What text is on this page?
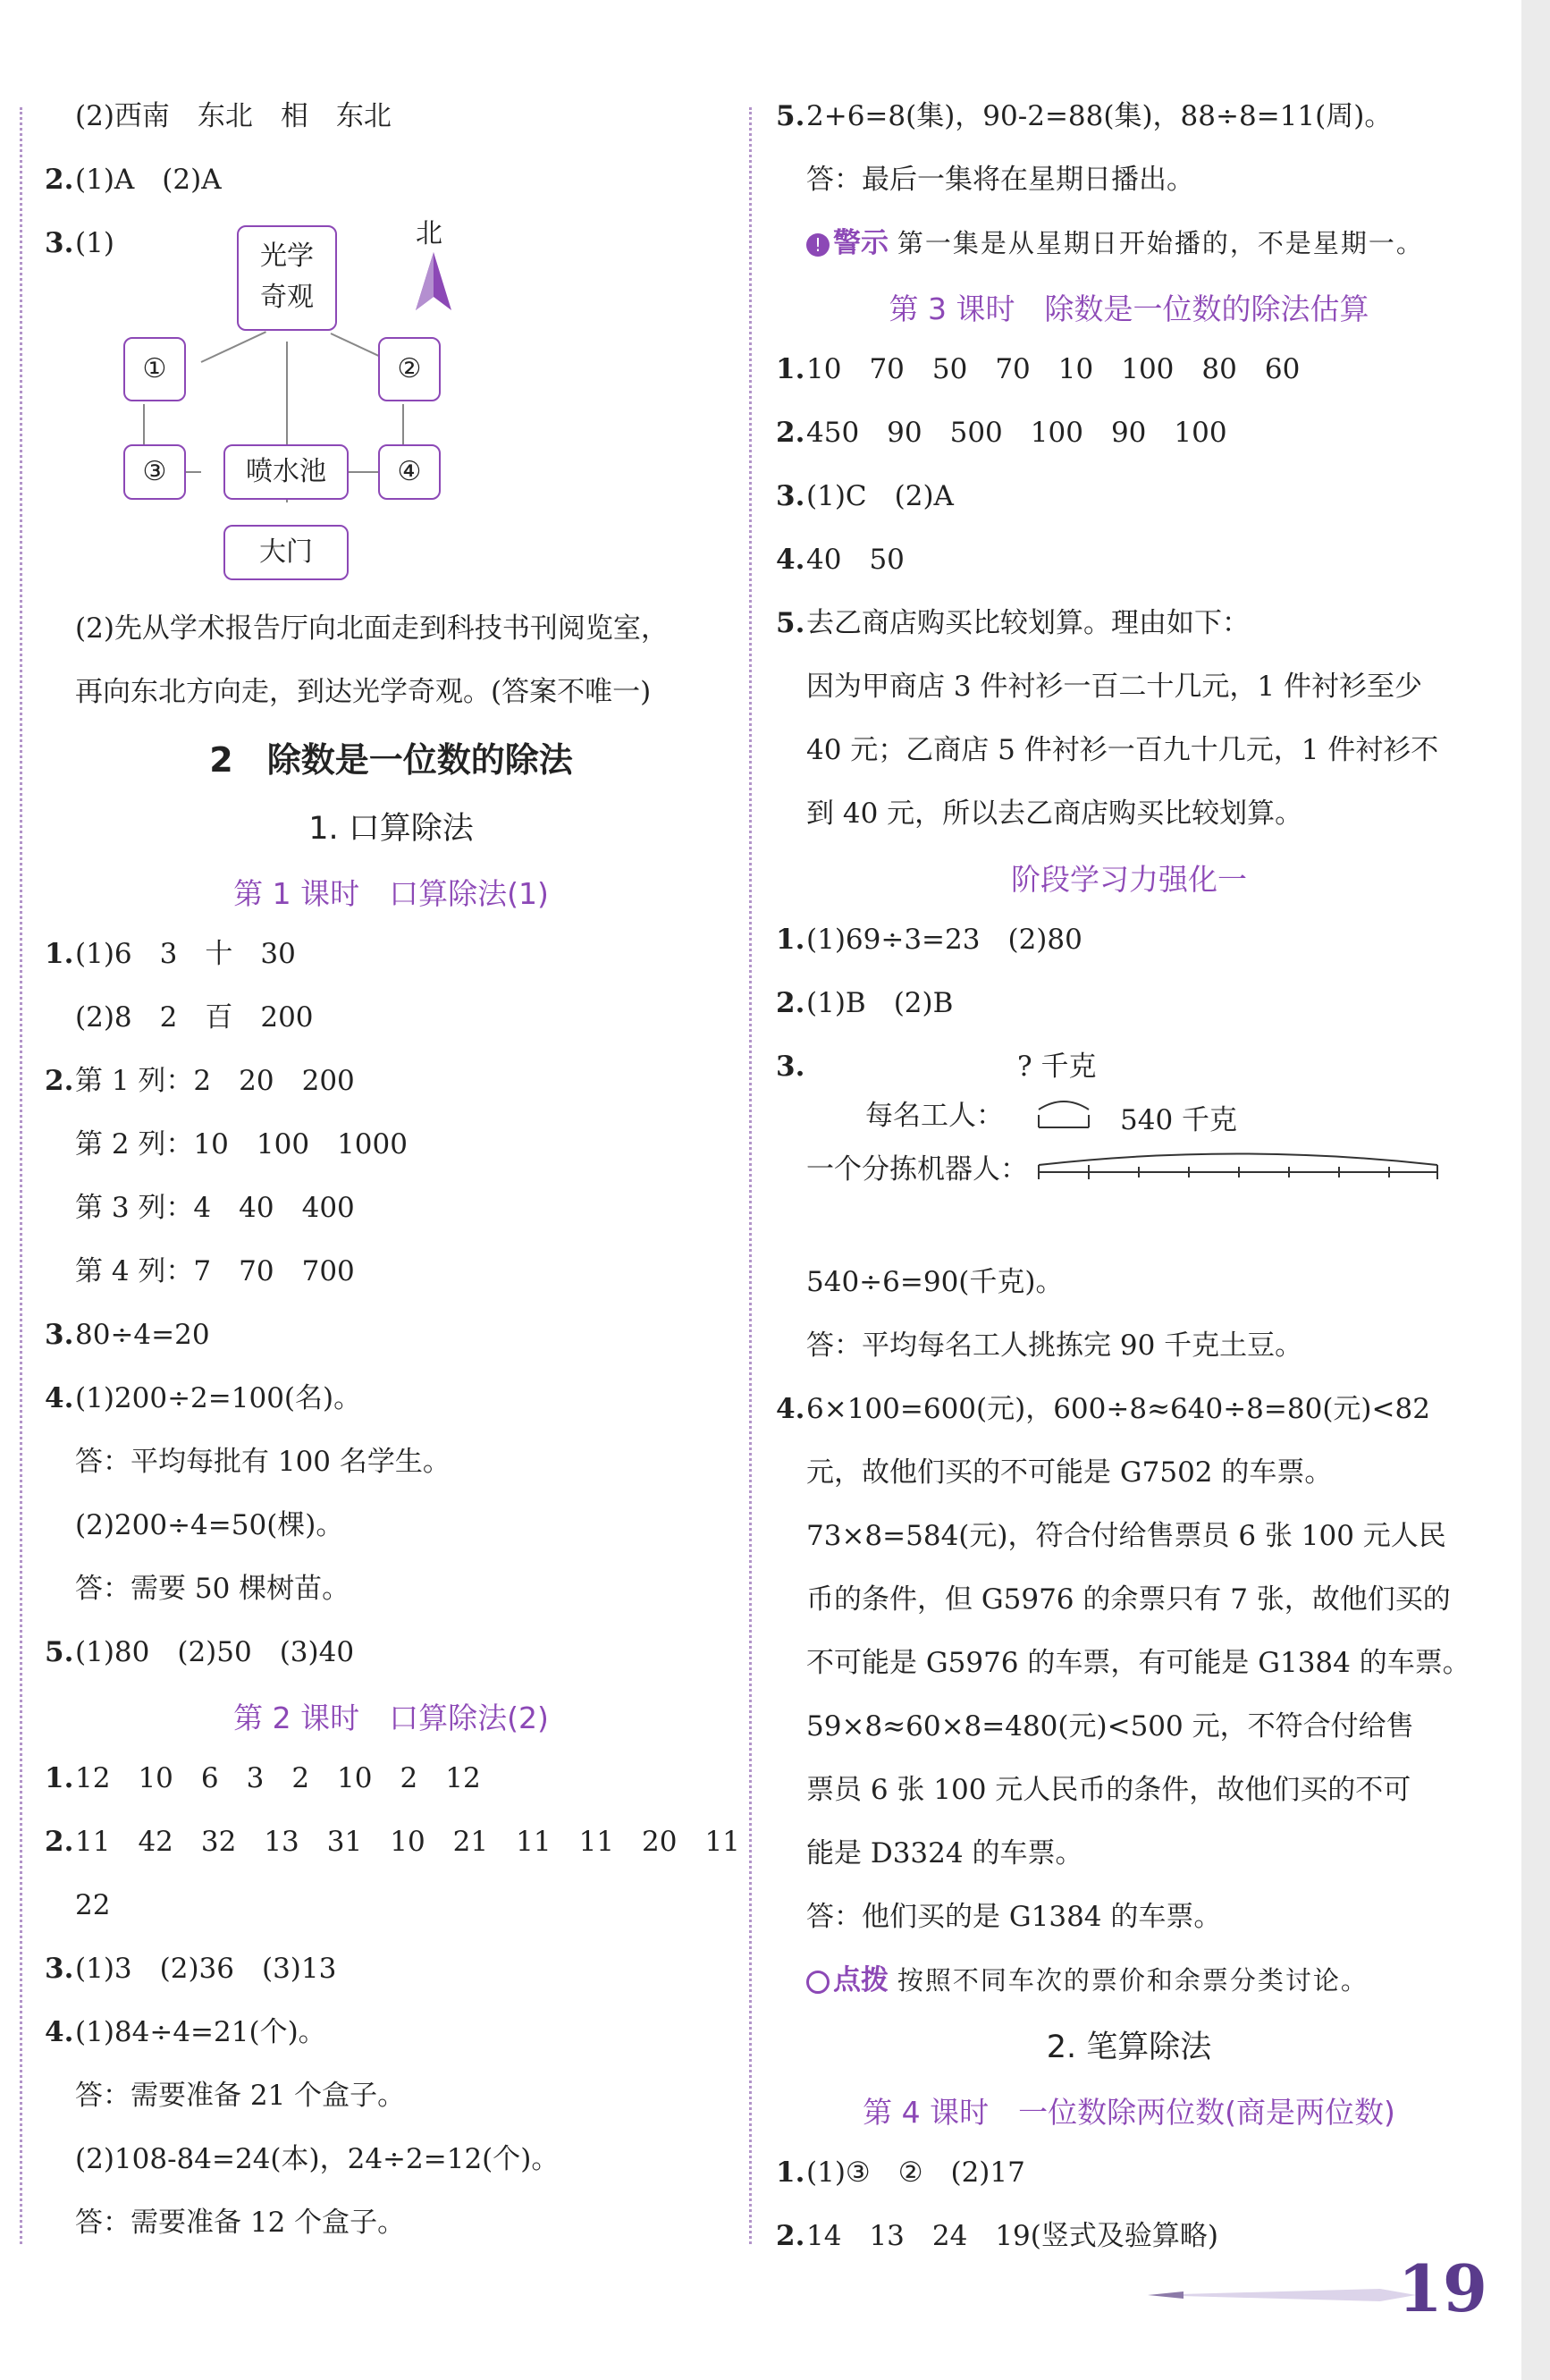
(2)西南　东北　相　东北
2.(1)A　(2)A
3.(1)	光学
奇观
①	②
③	④
喷水池
大门
北
(2)先从学术报告厅向北面走到科技书刊阅览室，
再向东北方向走，到达光学奇观。(答案不唯一)
2　除数是一位数的除法
1. 口算除法
第 1 课时　口算除法(1)
1.(1)6　3　十　30
(2)8　2　百　200
2.第 1 列：2　20　200
第 2 列：10　100　1000
第 3 列：4　40　400
第 4 列：7　70　700
3.80÷4=20
4.(1)200÷2=100(名)。
答：平均每批有 100 名学生。
(2)200÷4=50(棵)。
答：需要 50 棵树苗。
5.(1)80　(2)50　(3)40
第 2 课时　口算除法(2)
1.12　10　6　3　2　10　2　12
2.11　42　32　13　31　10　21　11　11　20　11
22
3.(1)3　(2)36　(3)13
4.(1)84÷4=21(个)。
答：需要准备 21 个盒子。
(2)108-84=24(本)，24÷2=12(个)。
答：需要准备 12 个盒子。
5.2+6=8(集)，90-2=88(集)，88÷8=11(周)。
答：最后一集将在星期日播出。
! 警示 第一集是从星期日开始播的，不是星期一。
第 3 课时　除数是一位数的除法估算
1.10　70　50　70　10　100　80　60
2.450　90　500　100　90　100
3.(1)C　(2)A
4.40　50
5.去乙商店购买比较划算。理由如下：
因为甲商店 3 件衬衫一百二十几元，1 件衬衫至少
40 元；乙商店 5 件衬衫一百九十几元，1 件衬衫不
到 40 元，所以去乙商店购买比较划算。
阶段学习力强化一
1.(1)69÷3=23　(2)80
2.(1)B　(2)B
3.	? 千克
每名工人：	540 千克
一个分拣机器人：
540÷6=90(千克)。
答：平均每名工人挑拣完 90 千克土豆。
4.6×100=600(元)，600÷8≈640÷8=80(元)<82
元，故他们买的不可能是 G7502 的车票。
73×8=584(元)，符合付给售票员 6 张 100 元人民
币的条件，但 G5976 的余票只有 7 张，故他们买的
不可能是 G5976 的车票，有可能是 G1384 的车票。
59×8≈60×8=480(元)<500 元，不符合付给售
票员 6 张 100 元人民币的条件，故他们买的不可
能是 D3324 的车票。
答：他们买的是 G1384 的车票。
点拨 按照不同车次的票价和余票分类讨论。
2. 笔算除法
第 4 课时　一位数除两位数(商是两位数)
1.(1)③　②　(2)17
2.14　13　24　19(竖式及验算略)
19
